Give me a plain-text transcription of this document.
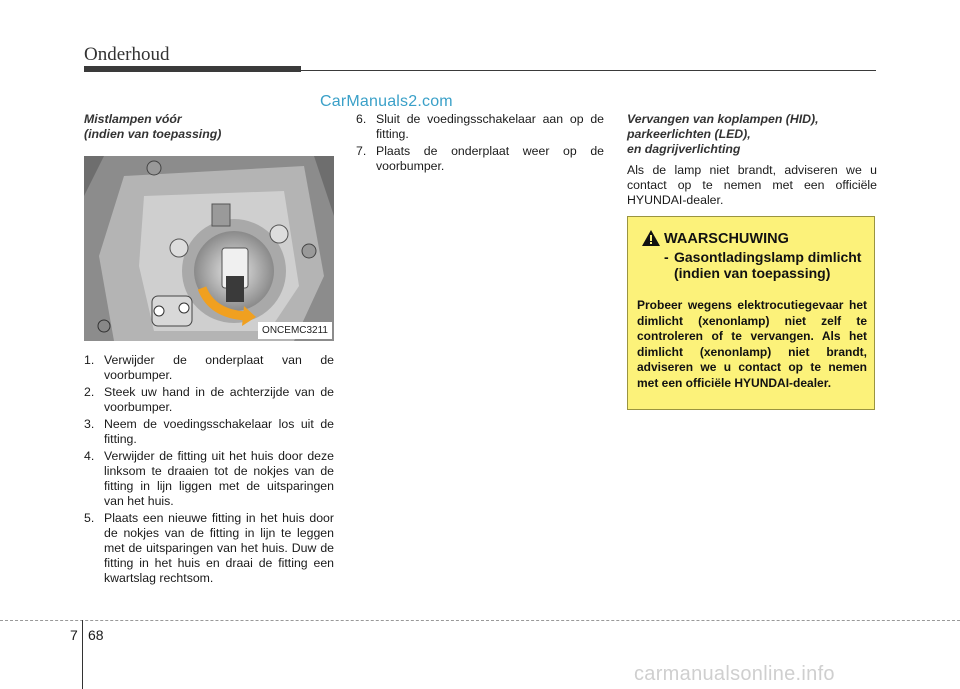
Onderhoud
CarManuals2.com

Mistlampen vóór
(indien van toepassing)

ONCEMC3211
1. Verwijder de onderplaat van de voorbumper.
2. Steek uw hand in de achterzijde van de voorbumper.
3. Neem de voedingsschakelaar los uit de fitting.
4. Verwijder de fitting uit het huis door deze linksom te draaien tot de nokjes van de fitting in lijn liggen met de uitsparingen van het huis.
5. Plaats een nieuwe fitting in het huis door de nokjes van de fitting in lijn te leggen met de uitsparingen van het huis. Duw de fitting in het huis en draai de fitting een kwartslag rechtsom.
6. Sluit de voedingsschakelaar aan op de fitting.
7. Plaats de onderplaat weer op de voorbumper.

Vervangen van koplampen (HID),
parkeerlichten (LED),
en dagrijverlichting

Als de lamp niet brandt, adviseren we u contact op te nemen met een officiële HYUNDAI-dealer.

WAARSCHUWING
- Gasontladingslamp dimlicht (indien van toepassing)
Probeer wegens elektrocutiegevaar het dimlicht (xenonlamp) niet zelf te controleren of te vervangen. Als het dimlicht (xenonlamp) niet brandt, adviseren we u contact op te nemen met een officiële HYUNDAI-dealer.
7 68
carmanualsonline.info
